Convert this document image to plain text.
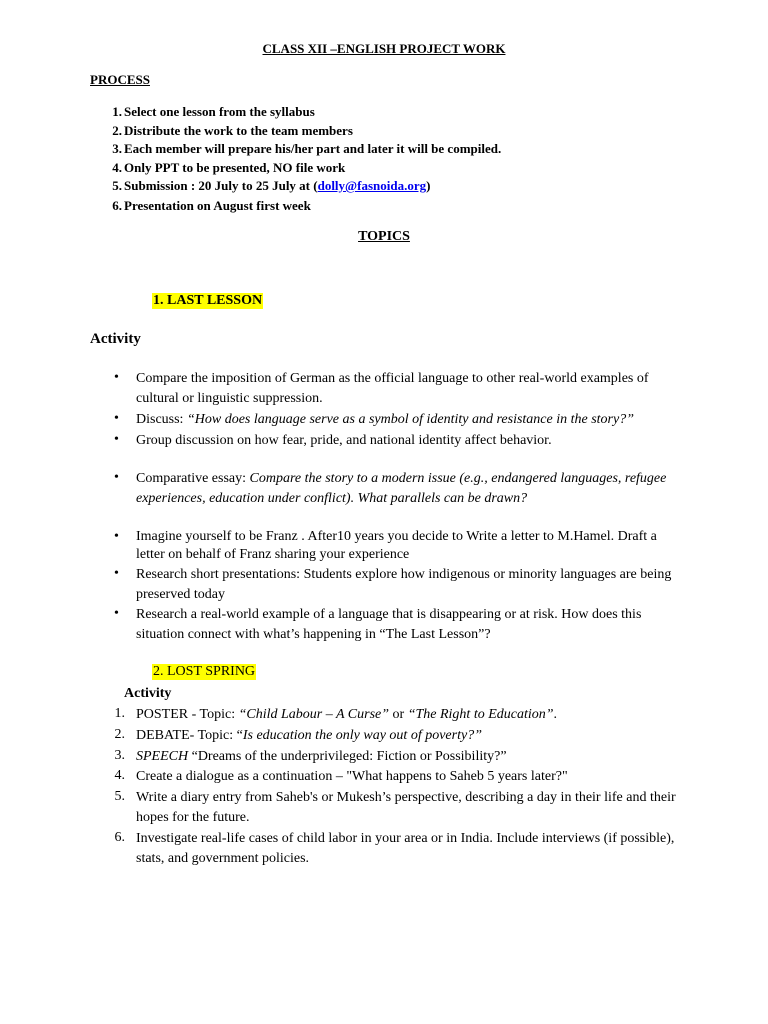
CLASS XII –ENGLISH PROJECT WORK
PROCESS
1. Select one lesson from the syllabus
2. Distribute the work to the team members
3. Each member will prepare his/her part and later it will be compiled.
4. Only PPT to be presented, NO file work
5. Submission : 20 July to 25 July at (dolly@fasnoida.org)
6. Presentation on August first week
TOPICS
1. LAST LESSON
Activity
• Compare the imposition of German as the official language to other real-world examples of cultural or linguistic suppression.
• Discuss: “How does language serve as a symbol of identity and resistance in the story?”
• Group discussion on how fear, pride, and national identity affect behavior.
• Comparative essay: Compare the story to a modern issue (e.g., endangered languages, refugee experiences, education under conflict). What parallels can be drawn?
• Imagine yourself to be Franz . After10 years you decide to Write a letter to M.Hamel. Draft a letter on behalf of Franz sharing your experience
• Research short presentations: Students explore how indigenous or minority languages are being preserved today
• Research a real-world example of a language that is disappearing or at risk. How does this situation connect with what’s happening in “The Last Lesson”?
2. LOST SPRING
Activity
1. POSTER - Topic: “Child Labour – A Curse” or “The Right to Education”.
2. DEBATE- Topic: “Is education the only way out of poverty?”
3. SPEECH “Dreams of the underprivileged: Fiction or Possibility?”
4. Create a dialogue as a continuation – "What happens to Saheb 5 years later?"
5. Write a diary entry from Saheb's or Mukesh’s perspective, describing a day in their life and their hopes for the future.
6. Investigate real-life cases of child labor in your area or in India. Include interviews (if possible), stats, and government policies.
